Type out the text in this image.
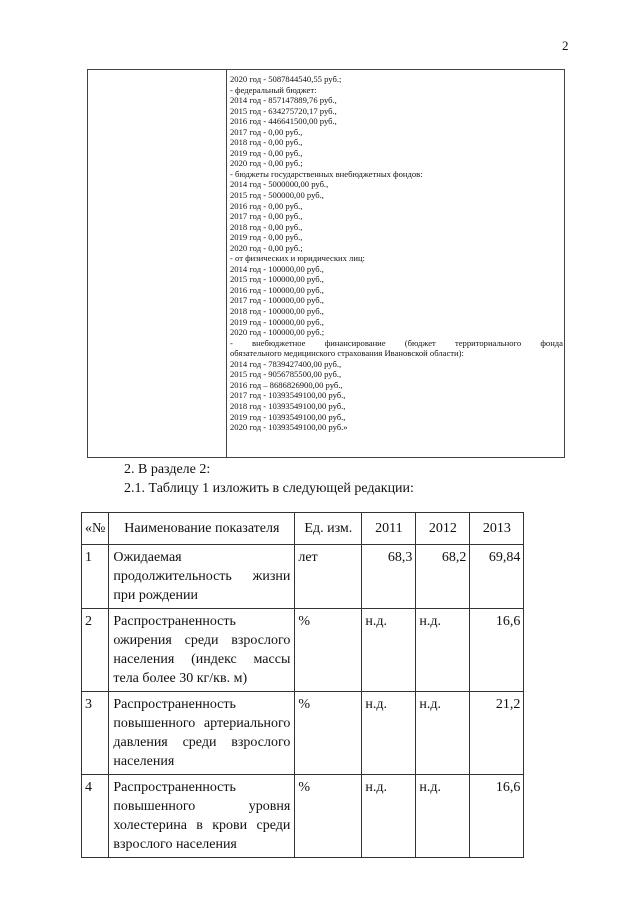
2
2020 год - 5087844540,55 руб.;
- федеральный бюджет:
2014 год - 857147889,76 руб.,
2015 год - 634275720,17 руб.,
2016 год - 446641500,00 руб.,
2017 год - 0,00 руб.,
2018 год - 0,00 руб.,
2019 год - 0,00 руб.,
2020 год - 0,00 руб.;
- бюджеты государственных внебюджетных фондов:
2014 год - 5000000,00 руб.,
2015 год - 500000,00 руб.,
2016 год - 0,00 руб.,
2017 год - 0,00 руб.,
2018 год - 0,00 руб.,
2019 год - 0,00 руб.,
2020 год - 0,00 руб.;
- от физических и юридических лиц:
2014 год - 100000,00 руб.,
2015 год - 100000,00 руб.,
2016 год - 100000,00 руб.,
2017 год - 100000,00 руб.,
2018 год - 100000,00 руб.,
2019 год - 100000,00 руб.,
2020 год - 100000,00 руб.;
- внебюджетное финансирование (бюджет территориального фонда
обязательного медицинского страхования Ивановской области):
2014 год - 7839427400,00 руб.,
2015 год - 9056785500,00 руб.,
2016 год – 8686826900,00 руб.,
2017 год - 10393549100,00 руб.,
2018 год - 10393549100,00 руб.,
2019 год - 10393549100,00 руб.,
2020 год - 10393549100,00 руб.»
2. В разделе 2:
2.1. Таблицу 1 изложить в следующей редакции:
«№	Наименование показателя	Ед. изм.	2011	2012	2013
1	Ожидаемая продолжительность жизни при рождении	лет	68,3	68,2	69,84
2	Распространенность ожирения среди взрослого населения (индекс массы тела более 30 кг/кв. м)	%	н.д.	н.д.	16,6
3	Распространенность повышенного артериального давления среди взрослого населения	%	н.д.	н.д.	21,2
4	Распространенность повышенного уровня холестерина в крови среди взрослого населения	%	н.д.	н.д.	16,6
